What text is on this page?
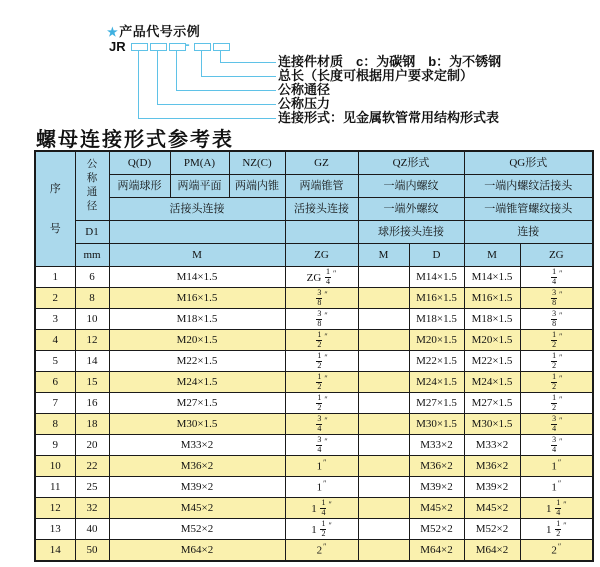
★产品代号示例
JR	-
连接件材质　c：为碳钢　b：为不锈钢
总长（长度可根据用户要求定制）
公称通径
公称压力
连接形式：见金属软管常用结构形式表
螺母连接形式参考表
序
号	公
称
通
径	Q(D)	PM(A)	NZ(C)	GZ	QZ形式		QG形式	
		两端球形	两端平面	两端内锥	两端锥管	一端内螺纹		一端内螺纹活接头	
		活接头连接			活接头连接	一端外螺纹		一端锥管螺纹接头	
	D1					球形接头连接		连接	
	mm	M			ZG	M	D	M	ZG
1	6	M14×1.5			ZG $\frac{1}{4} ''$		M14×1.5	M14×1.5	$\frac{1}{4} ''$
2	8	M16×1.5			$\frac{3}{8} ''$		M16×1.5	M16×1.5	$\frac{3}{8} ''$
3	10	M18×1.5			$\frac{3}{8} ''$		M18×1.5	M18×1.5	$\frac{3}{8} ''$
4	12	M20×1.5			$\frac{1}{2} ''$		M20×1.5	M20×1.5	$\frac{1}{2} ''$
5	14	M22×1.5			$\frac{1}{2} ''$		M22×1.5	M22×1.5	$\frac{1}{2} ''$
6	15	M24×1.5			$\frac{1}{2} ''$		M24×1.5	M24×1.5	$\frac{1}{2} ''$
7	16	M27×1.5			$\frac{1}{2} ''$		M27×1.5	M27×1.5	$\frac{1}{2} ''$
8	18	M30×1.5			$\frac{3}{4} ''$		M30×1.5	M30×1.5	$\frac{3}{4} ''$
9	20	M33×2			$\frac{3}{4} ''$		M33×2	M33×2	$\frac{3}{4} ''$
10	22	M36×2			1″		M36×2	M36×2	1″
11	25	M39×2			1″		M39×2	M39×2	1″
12	32	M45×2			$1 \frac{1}{4} ''$		M45×2	M45×2	$1 \frac{1}{4} ''$
13	40	M52×2			$1 \frac{1}{2} ''$		M52×2	M52×2	$1 \frac{1}{2} ''$
14	50	M64×2			2″		M64×2	M64×2	2″
